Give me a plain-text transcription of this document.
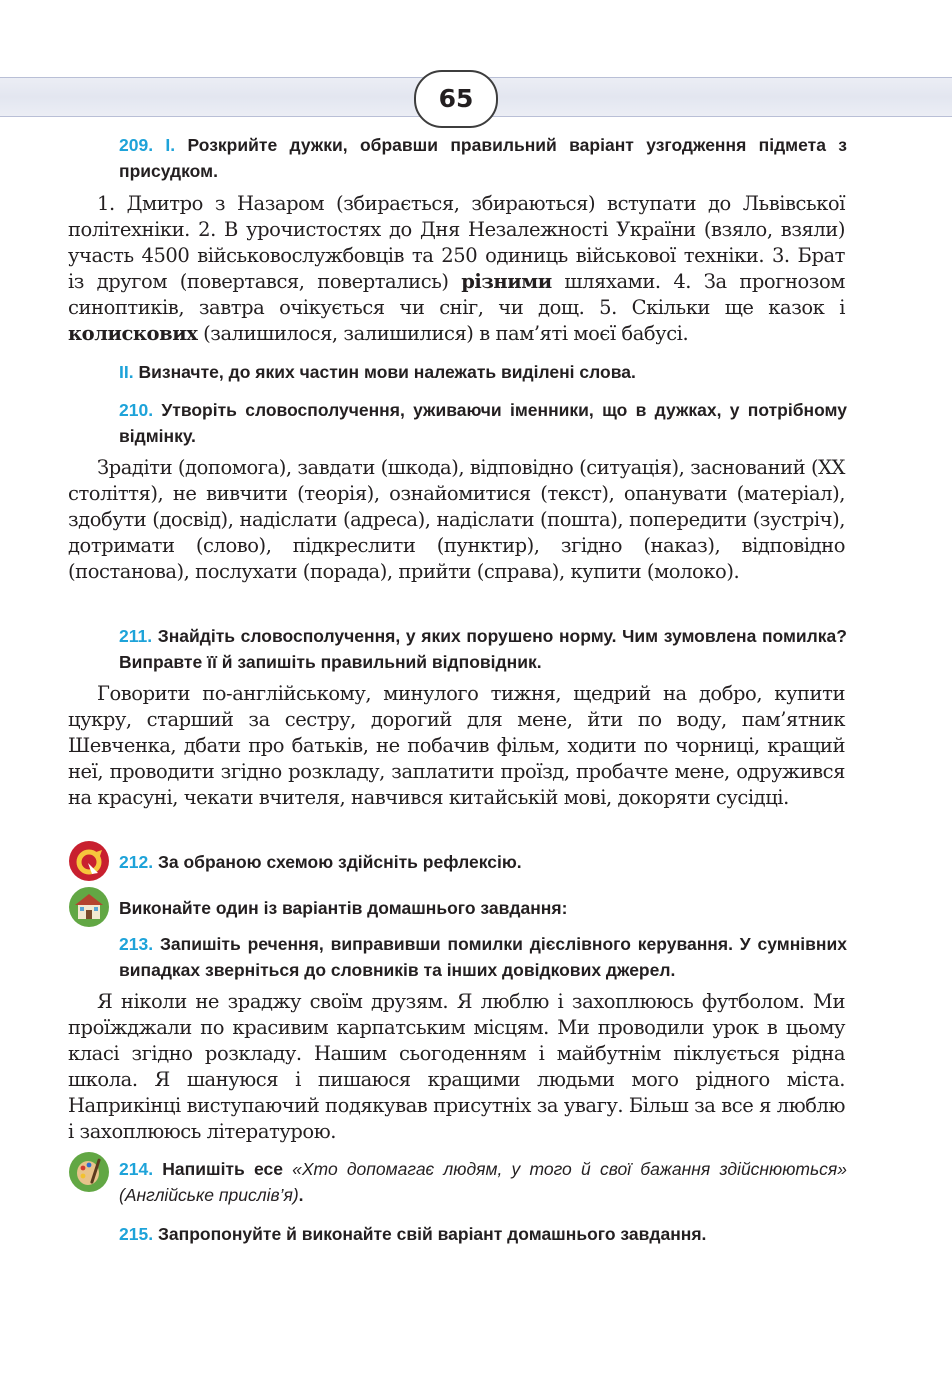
65
209. I. Розкрийте дужки, обравши правильний варіант узгодження підмета з присудком.

1. Дмитро з Назаром (збирається, збираються) вступати до Львівської політехніки. 2. В урочистостях до Дня Незалежності України (взяло, взяли) участь 4500 військовослужбовців та 250 одиниць військової техніки. 3. Брат із другом (повертався, повертались) різними шляхами. 4. За прогнозом синоптиків, завтра очікується чи сніг, чи дощ. 5. Скільки ще казок і колискових (залишилося, залишилися) в пам’яті моєї бабусі.

II. Визначте, до яких частин мови належать виділені слова.
210. Утворіть словосполучення, уживаючи іменники, що в дужках, у потрібному відмінку.

Зрадіти (допомога), завдати (шкода), відповідно (ситуація), заснований (ХХ століття), не вивчити (теорія), ознайомитися (текст), опанувати (матеріал), здобути (досвід), надіслати (адреса), надіслати (пошта), попередити (зустріч), дотримати (слово), підкреслити (пунктир), згідно (наказ), відповідно (постанова), послухати (порада), прийти (справа), купити (молоко).

211. Знайдіть словосполучення, у яких порушено норму. Чим зумовлена помилка? Виправте її й запишіть правильний відповідник.

Говорити по-англійському, минулого тижня, щедрий на добро, купити цукру, старший за сестру, дорогий для мене, йти по воду, пам’ятник Шевченка, дбати про батьків, не побачив фільм, ходити по чорниці, кращий неї, проводити згідно розкладу, заплатити проїзд, пробачте мене, одружився на красуні, чекати вчителя, навчився китайській мові, докоряти сусідці.

212. За обраною схемою здійсніть рефлексію.
Виконайте один із варіантів домашнього завдання:
213. Запишіть речення, виправивши помилки дієслівного керування. У сумнівних випадках зверніться до словників та інших довідкових джерел.

Я ніколи не зраджу своїм друзям. Я люблю і захоплююсь футболом. Ми проїжджали по красивим карпатським місцям. Ми проводили урок в цьому класі згідно розкладу. Нашим сьогоденням і майбутнім піклується рідна школа. Я шануюся і пишаюся кращими людьми мого рідного міста. Наприкінці виступаючий подякував присутніх за увагу. Більш за все я люблю і захоплююсь літературою.

214. Напишіть есе «Хто допомагає людям, у того й свої бажання здійснюються» (Англійське прислів’я).
215. Запропонуйте й виконайте свій варіант домашнього завдання.
